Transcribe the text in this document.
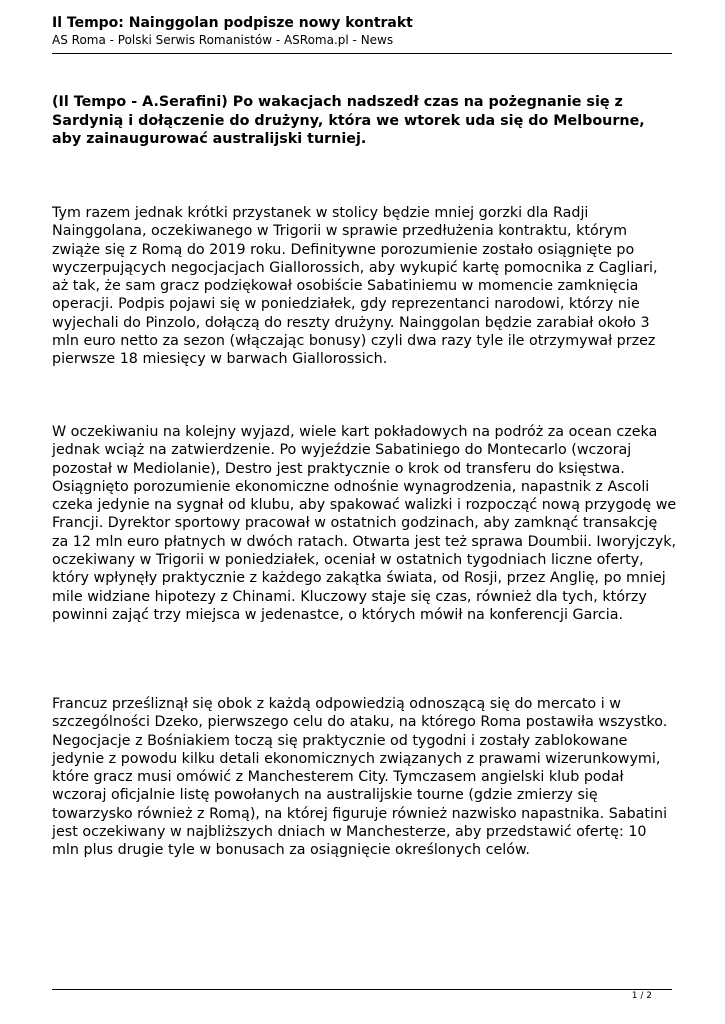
Il Tempo: Nainggolan podpisze nowy kontrakt

AS Roma - Polski Serwis Romanistów - ASRoma.pl - News

(Il Tempo - A.Serafini) Po wakacjach nadszedł czas na pożegnanie się z Sardynią i dołączenie do drużyny, która we wtorek uda się do Melbourne, aby zainaugurować australijski turniej.

Tym razem jednak krótki przystanek w stolicy będzie mniej gorzki dla Radji Nainggolana, oczekiwanego w Trigorii w sprawie przedłużenia kontraktu, którym zwiąże się z Romą do 2019 roku. Definitywne porozumienie zostało osiągnięte po wyczerpujących negocjacjach Giallorossich, aby wykupić kartę pomocnika z Cagliari, aż tak, że sam gracz podziękował osobiście Sabatiniemu w momencie zamknięcia operacji. Podpis pojawi się w poniedziałek, gdy reprezentanci narodowi, którzy nie wyjechali do Pinzolo, dołączą do reszty drużyny. Nainggolan będzie zarabiał około 3 mln euro netto za sezon (włączając bonusy) czyli dwa razy tyle ile otrzymywał przez pierwsze 18 miesięcy w barwach Giallorossich.

W oczekiwaniu na kolejny wyjazd, wiele kart pokładowych na podróż za ocean czeka jednak wciąż na zatwierdzenie. Po wyjeździe Sabatiniego do Montecarlo (wczoraj pozostał w Mediolanie), Destro jest praktycznie o krok od transferu do księstwa. Osiągnięto porozumienie ekonomiczne odnośnie wynagrodzenia, napastnik z Ascoli czeka jedynie na sygnał od klubu, aby spakować walizki i rozpocząć nową przygodę we Francji. Dyrektor sportowy pracował w ostatnich godzinach, aby zamknąć transakcję za 12 mln euro płatnych w dwóch ratach. Otwarta jest też sprawa Doumbii. Iworyjczyk, oczekiwany w Trigorii w poniedziałek, oceniał w ostatnich tygodniach liczne oferty, który wpłynęły praktycznie z każdego zakątka świata, od Rosji, przez Anglię, po mniej mile widziane hipotezy z Chinami. Kluczowy staje się czas, również dla tych, którzy powinni zająć trzy miejsca w jedenastce, o których mówił na konferencji Garcia.

Francuz prześliznął się obok z każdą odpowiedzią odnoszącą się do mercato i w szczególności Dzeko, pierwszego celu do ataku, na którego Roma postawiła wszystko. Negocjacje z Bośniakiem toczą się praktycznie od tygodni i zostały zablokowane jedynie z powodu kilku detali ekonomicznych związanych z prawami wizerunkowymi, które gracz musi omówić z Manchesterem City. Tymczasem angielski klub podał wczoraj oficjalnie listę powołanych na australijskie tourne (gdzie zmierzy się towarzysko również z Romą), na której figuruje również nazwisko napastnika. Sabatini jest oczekiwany w najbliższych dniach w Manchesterze, aby przedstawić ofertę: 10 mln plus drugie tyle w bonusach za osiągnięcie określonych celów.

1 / 2
